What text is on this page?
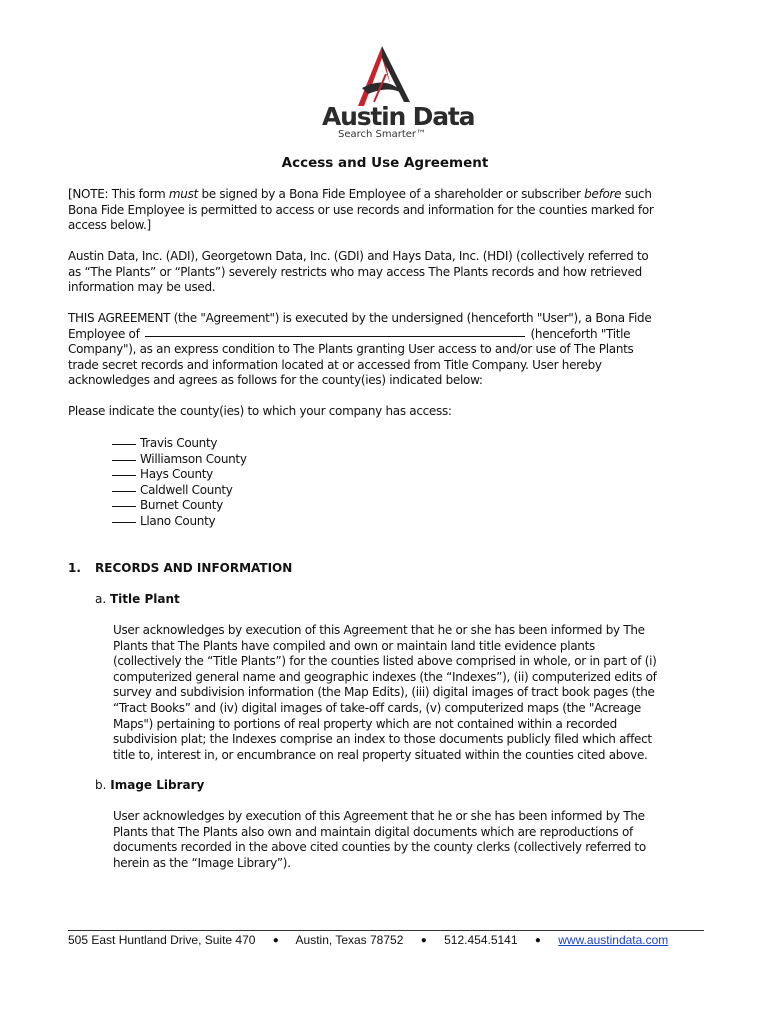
Austin Data
Search Smarter™
Access and Use Agreement
[NOTE: This form must be signed by a Bona Fide Employee of a shareholder or subscriber before such
Bona Fide Employee is permitted to access or use records and information for the counties marked for
access below.]
Austin Data, Inc. (ADI), Georgetown Data, Inc. (GDI) and Hays Data, Inc. (HDI) (collectively referred to
as “The Plants” or “Plants”) severely restricts who may access The Plants records and how retrieved
information may be used.
THIS AGREEMENT (the "Agreement") is executed by the undersigned (henceforth "User"), a Bona Fide
Employee of	(henceforth "Title
Company"), as an express condition to The Plants granting User access to and/or use of The Plants
trade secret records and information located at or accessed from Title Company. User hereby
acknowledges and agrees as follows for the county(ies) indicated below:
Please indicate the county(ies) to which your company has access:
Travis County
Williamson County
Hays County
Caldwell County
Burnet County
Llano County
1. RECORDS AND INFORMATION
a. Title Plant
User acknowledges by execution of this Agreement that he or she has been informed by The
Plants that The Plants have compiled and own or maintain land title evidence plants
(collectively the “Title Plants”) for the counties listed above comprised in whole, or in part of (i)
computerized general name and geographic indexes (the “Indexes”), (ii) computerized edits of
survey and subdivision information (the Map Edits), (iii) digital images of tract book pages (the
“Tract Books” and (iv) digital images of take-off cards, (v) computerized maps (the "Acreage
Maps") pertaining to portions of real property which are not contained within a recorded
subdivision plat; the Indexes comprise an index to those documents publicly filed which affect
title to, interest in, or encumbrance on real property situated within the counties cited above.
b. Image Library
User acknowledges by execution of this Agreement that he or she has been informed by The
Plants that The Plants also own and maintain digital documents which are reproductions of
documents recorded in the above cited counties by the county clerks (collectively referred to
herein as the “Image Library”).
505 East Huntland Drive, Suite 470 ● Austin, Texas 78752 ● 512.454.5141 ● www.austindata.com
